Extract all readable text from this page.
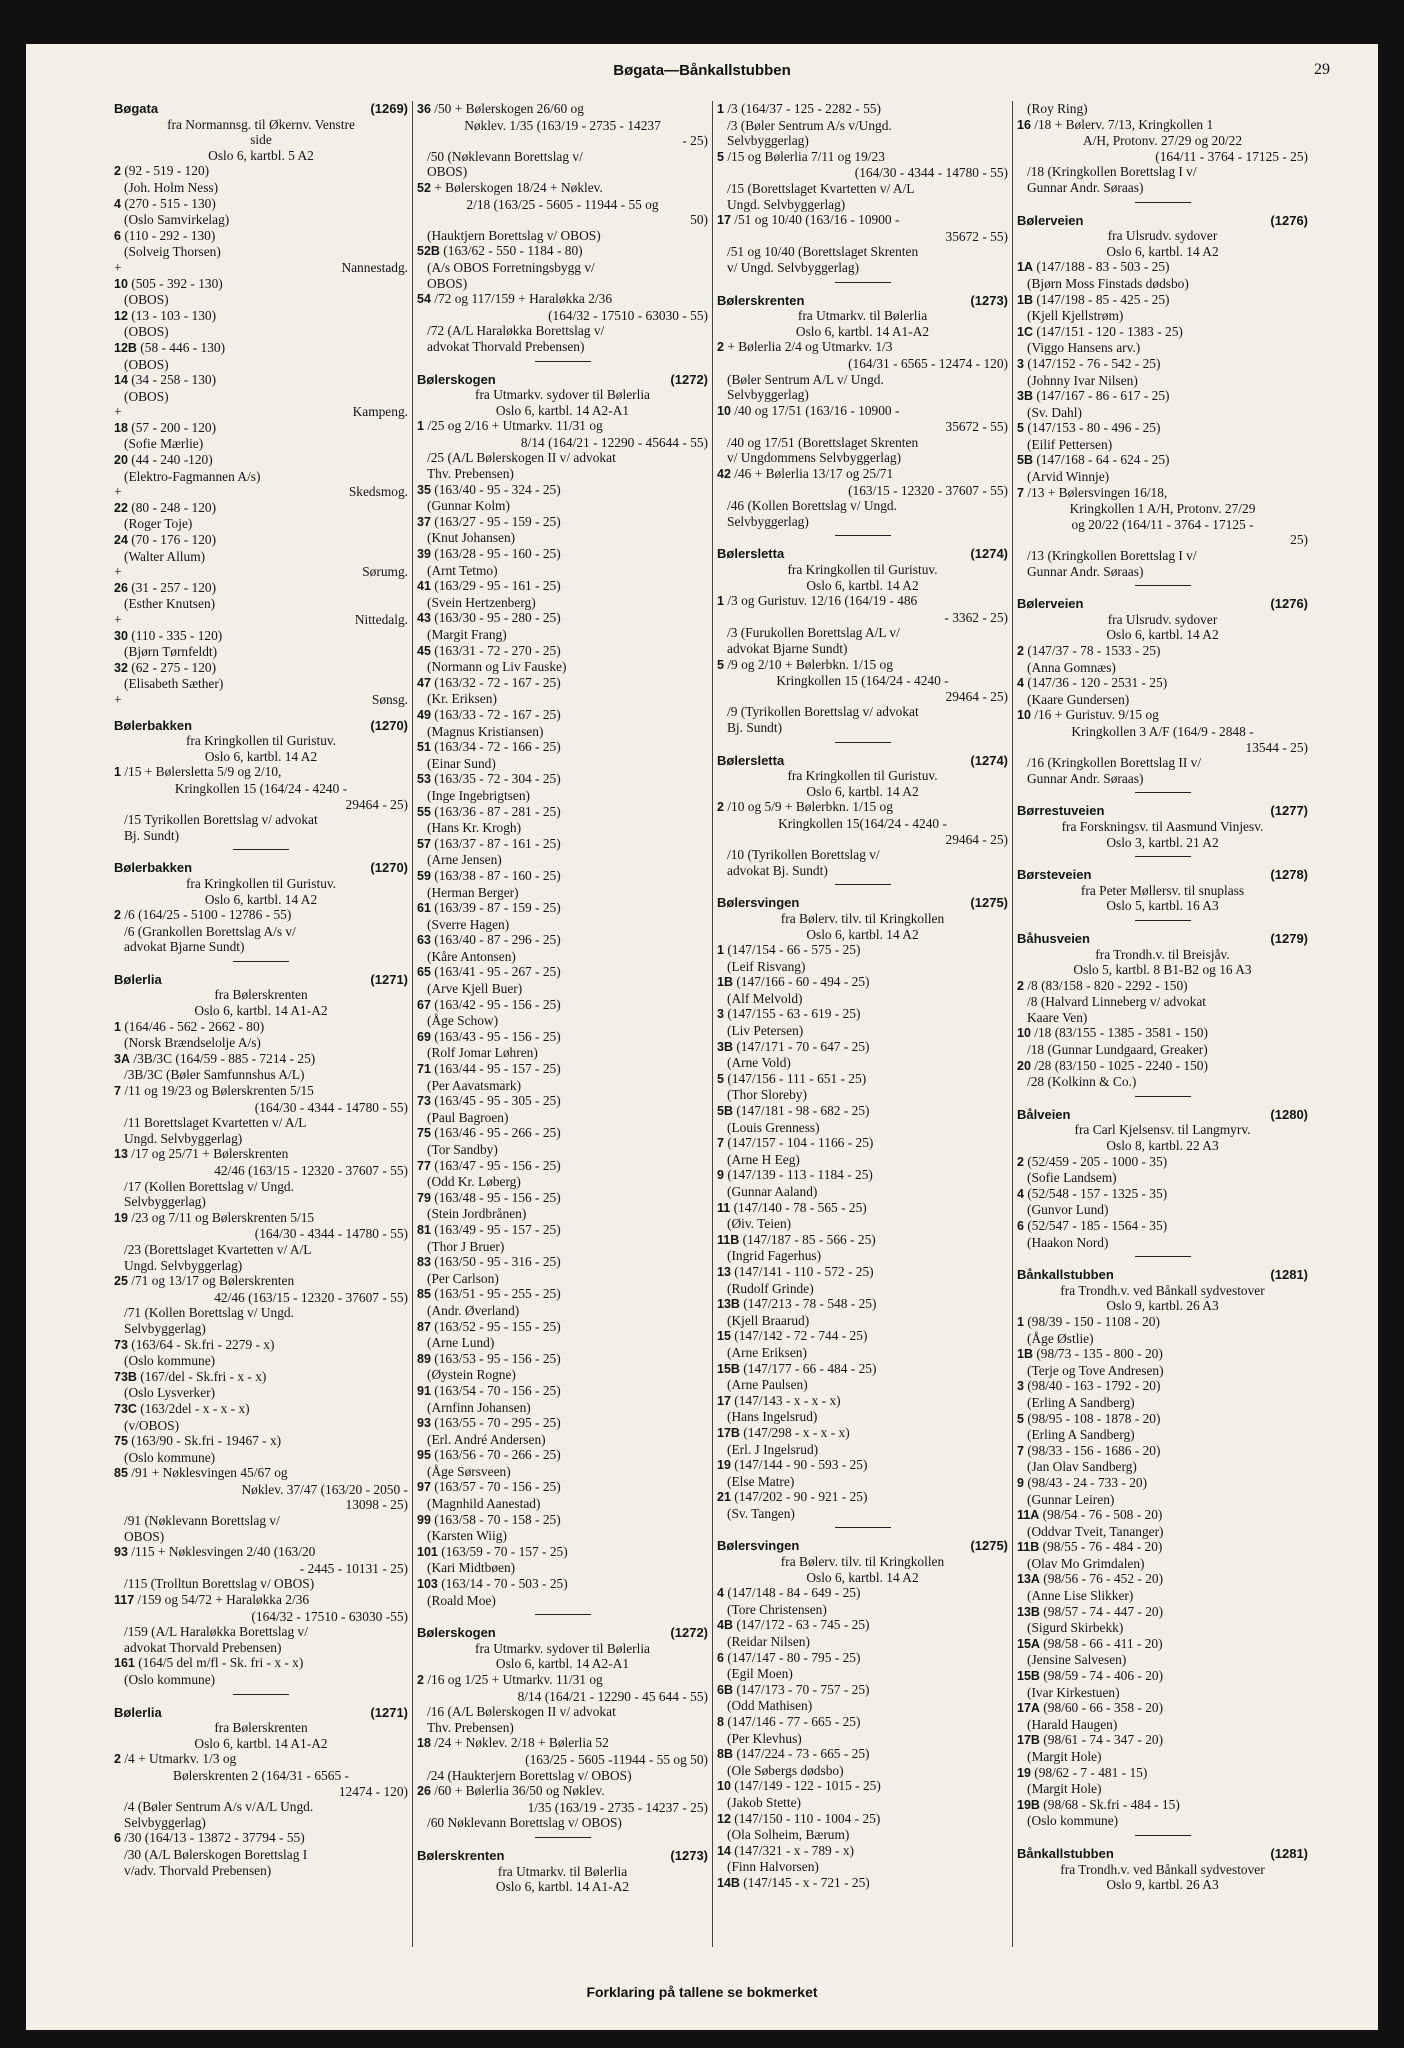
Bøgata—Bånkallstubben	29
Bøgata	(1269)
fra Normannsg. til Økernv. Venstre
side
Oslo 6, kartbl. 5 A2
2 (92 - 519 - 120)
(Joh. Holm Ness)
4 (270 - 515 - 130)
(Oslo Samvirkelag)
6 (110 - 292 - 130)
(Solveig Thorsen)
+	Nannestadg.
10 (505 - 392 - 130)
(OBOS)
12 (13 - 103 - 130)
(OBOS)
12B (58 - 446 - 130)
(OBOS)
14 (34 - 258 - 130)
(OBOS)
+	Kampeng.
18 (57 - 200 - 120)
(Sofie Mærlie)
20 (44 - 240 -120)
(Elektro-Fagmannen A/s)
+	Skedsmog.
22 (80 - 248 - 120)
(Roger Toje)
24 (70 - 176 - 120)
(Walter Allum)
+	Sørumg.
26 (31 - 257 - 120)
(Esther Knutsen)
+	Nittedalg.
30 (110 - 335 - 120)
(Bjørn Tørnfeldt)
32 (62 - 275 - 120)
(Elisabeth Sæther)
+	Sønsg.
Bølerbakken	(1270)
fra Kringkollen til Guristuv.
Oslo 6, kartbl. 14 A2
1 /15 + Bølersletta 5/9 og 2/10,
Kringkollen 15 (164/24 - 4240 -
29464 - 25)
/15 Tyrikollen Borettslag v/ advokat
Bj. Sundt)
Bølerbakken	(1270)
fra Kringkollen til Guristuv.
Oslo 6, kartbl. 14 A2
2 /6 (164/25 - 5100 - 12786 - 55)
/6 (Grankollen Borettslag A/s v/
advokat Bjarne Sundt)
Bølerlia	(1271)
fra Bølerskrenten
Oslo 6, kartbl. 14 A1-A2
1 (164/46 - 562 - 2662 - 80)
(Norsk Brændselolje A/s)
3A /3B/3C (164/59 - 885 - 7214 - 25)
/3B/3C (Bøler Samfunnshus A/L)
7 /11 og 19/23 og Bølerskrenten 5/15
(164/30 - 4344 - 14780 - 55)
/11 Borettslaget Kvartetten v/ A/L
Ungd. Selvbyggerlag)
13 /17 og 25/71 + Bølerskrenten
42/46 (163/15 - 12320 - 37607 - 55)
/17 (Kollen Borettslag v/ Ungd.
Selvbyggerlag)
19 /23 og 7/11 og Bølerskrenten 5/15
(164/30 - 4344 - 14780 - 55)
/23 (Borettslaget Kvartetten v/ A/L
Ungd. Selvbyggerlag)
25 /71 og 13/17 og Bølerskrenten
42/46 (163/15 - 12320 - 37607 - 55)
/71 (Kollen Borettslag v/ Ungd.
Selvbyggerlag)
73 (163/64 - Sk.fri - 2279 - x)
(Oslo kommune)
73B (167/del - Sk.fri - x - x)
(Oslo Lysverker)
73C (163/2del - x - x - x)
(v/OBOS)
75 (163/90 - Sk.fri - 19467 - x)
(Oslo kommune)
85 /91 + Nøklesvingen 45/67 og
Nøklev. 37/47 (163/20 - 2050 -
13098 - 25)
/91 (Nøklevann Borettslag v/
OBOS)
93 /115 + Nøklesvingen 2/40 (163/20
- 2445 - 10131 - 25)
/115 (Trolltun Borettslag v/ OBOS)
117 /159 og 54/72 + Haraløkka 2/36
(164/32 - 17510 - 63030 -55)
/159 (A/L Haraløkka Borettslag v/
advokat Thorvald Prebensen)
161 (164/5 del m/fl - Sk. fri - x - x)
(Oslo kommune)
Bølerlia	(1271)
fra Bølerskrenten
Oslo 6, kartbl. 14 A1-A2
2 /4 + Utmarkv. 1/3 og
Bølerskrenten 2 (164/31 - 6565 -
12474 - 120)
/4 (Bøler Sentrum A/s v/A/L Ungd.
Selvbyggerlag)
6 /30 (164/13 - 13872 - 37794 - 55)
/30 (A/L Bølerskogen Borettslag I
v/adv. Thorvald Prebensen)
36 /50 + Bølerskogen 26/60 og
Nøklev. 1/35 (163/19 - 2735 - 14237
- 25)
/50 (Nøklevann Borettslag v/
OBOS)
52 + Bølerskogen 18/24 + Nøklev.
2/18 (163/25 - 5605 - 11944 - 55 og
50)
(Hauktjern Borettslag v/ OBOS)
52B (163/62 - 550 - 1184 - 80)
(A/s OBOS Forretningsbygg v/
OBOS)
54 /72 og 117/159 + Haraløkka 2/36
(164/32 - 17510 - 63030 - 55)
/72 (A/L Haraløkka Borettslag v/
advokat Thorvald Prebensen)
Bølerskogen	(1272)
fra Utmarkv. sydover til Bølerlia
Oslo 6, kartbl. 14 A2-A1
1 /25 og 2/16 + Utmarkv. 11/31 og
8/14 (164/21 - 12290 - 45644 - 55)
/25 (A/L Bølerskogen II v/ advokat
Thv. Prebensen)
35 (163/40 - 95 - 324 - 25)
(Gunnar Kolm)
37 (163/27 - 95 - 159 - 25)
(Knut Johansen)
39 (163/28 - 95 - 160 - 25)
(Arnt Tetmo)
41 (163/29 - 95 - 161 - 25)
(Svein Hertzenberg)
43 (163/30 - 95 - 280 - 25)
(Margit Frang)
45 (163/31 - 72 - 270 - 25)
(Normann og Liv Fauske)
47 (163/32 - 72 - 167 - 25)
(Kr. Eriksen)
49 (163/33 - 72 - 167 - 25)
(Magnus Kristiansen)
51 (163/34 - 72 - 166 - 25)
(Einar Sund)
53 (163/35 - 72 - 304 - 25)
(Inge Ingebrigtsen)
55 (163/36 - 87 - 281 - 25)
(Hans Kr. Krogh)
57 (163/37 - 87 - 161 - 25)
(Arne Jensen)
59 (163/38 - 87 - 160 - 25)
(Herman Berger)
61 (163/39 - 87 - 159 - 25)
(Sverre Hagen)
63 (163/40 - 87 - 296 - 25)
(Kåre Antonsen)
65 (163/41 - 95 - 267 - 25)
(Arve Kjell Buer)
67 (163/42 - 95 - 156 - 25)
(Åge Schow)
69 (163/43 - 95 - 156 - 25)
(Rolf Jomar Løhren)
71 (163/44 - 95 - 157 - 25)
(Per Aavatsmark)
73 (163/45 - 95 - 305 - 25)
(Paul Bagroen)
75 (163/46 - 95 - 266 - 25)
(Tor Sandby)
77 (163/47 - 95 - 156 - 25)
(Odd Kr. Løberg)
79 (163/48 - 95 - 156 - 25)
(Stein Jordbrånen)
81 (163/49 - 95 - 157 - 25)
(Thor J Bruer)
83 (163/50 - 95 - 316 - 25)
(Per Carlson)
85 (163/51 - 95 - 255 - 25)
(Andr. Øverland)
87 (163/52 - 95 - 155 - 25)
(Arne Lund)
89 (163/53 - 95 - 156 - 25)
(Øystein Rogne)
91 (163/54 - 70 - 156 - 25)
(Arnfinn Johansen)
93 (163/55 - 70 - 295 - 25)
(Erl. André Andersen)
95 (163/56 - 70 - 266 - 25)
(Åge Sørsveen)
97 (163/57 - 70 - 156 - 25)
(Magnhild Aanestad)
99 (163/58 - 70 - 158 - 25)
(Karsten Wiig)
101 (163/59 - 70 - 157 - 25)
(Kari Midtbøen)
103 (163/14 - 70 - 503 - 25)
(Roald Moe)
Bølerskogen	(1272)
fra Utmarkv. sydover til Bølerlia
Oslo 6, kartbl. 14 A2-A1
2 /16 og 1/25 + Utmarkv. 11/31 og
8/14 (164/21 - 12290 - 45 644 - 55)
/16 (A/L Bølerskogen II v/ advokat
Thv. Prebensen)
18 /24 + Nøklev. 2/18 + Bølerlia 52
(163/25 - 5605 -11944 - 55 og 50)
/24 (Haukterjern Borettslag v/ OBOS)
26 /60 + Bølerlia 36/50 og Nøklev.
1/35 (163/19 - 2735 - 14237 - 25)
/60 Nøklevann Borettslag v/ OBOS)
Bølerskrenten	(1273)
fra Utmarkv. til Bølerlia
Oslo 6, kartbl. 14 A1-A2
1 /3 (164/37 - 125 - 2282 - 55)
/3 (Bøler Sentrum A/s v/Ungd.
Selvbyggerlag)
5 /15 og Bølerlia 7/11 og 19/23
(164/30 - 4344 - 14780 - 55)
/15 (Borettslaget Kvartetten v/ A/L
Ungd. Selvbyggerlag)
17 /51 og 10/40 (163/16 - 10900 -
35672 - 55)
/51 og 10/40 (Borettslaget Skrenten
v/ Ungd. Selvbyggerlag)
Bølerskrenten	(1273)
fra Utmarkv. til Bølerlia
Oslo 6, kartbl. 14 A1-A2
2 + Bølerlia 2/4 og Utmarkv. 1/3
(164/31 - 6565 - 12474 - 120)
(Bøler Sentrum A/L v/ Ungd.
Selvbyggerlag)
10 /40 og 17/51 (163/16 - 10900 -
35672 - 55)
/40 og 17/51 (Borettslaget Skrenten
v/ Ungdommens Selvbyggerlag)
42 /46 + Bølerlia 13/17 og 25/71
(163/15 - 12320 - 37607 - 55)
/46 (Kollen Borettslag v/ Ungd.
Selvbyggerlag)
Bølersletta	(1274)
fra Kringkollen til Guristuv.
Oslo 6, kartbl. 14 A2
1 /3 og Guristuv. 12/16 (164/19 - 486
- 3362 - 25)
/3 (Furukollen Borettslag A/L v/
advokat Bjarne Sundt)
5 /9 og 2/10 + Bølerbkn. 1/15 og
Kringkollen 15 (164/24 - 4240 -
29464 - 25)
/9 (Tyrikollen Borettslag v/ advokat
Bj. Sundt)
Bølersletta	(1274)
fra Kringkollen til Guristuv.
Oslo 6, kartbl. 14 A2
2 /10 og 5/9 + Bølerbkn. 1/15 og
Kringkollen 15(164/24 - 4240 -
29464 - 25)
/10 (Tyrikollen Borettslag v/
advokat Bj. Sundt)
Bølersvingen	(1275)
fra Bølerv. tilv. til Kringkollen
Oslo 6, kartbl. 14 A2
1 (147/154 - 66 - 575 - 25)
(Leif Risvang)
1B (147/166 - 60 - 494 - 25)
(Alf Melvold)
3 (147/155 - 63 - 619 - 25)
(Liv Petersen)
3B (147/171 - 70 - 647 - 25)
(Arne Vold)
5 (147/156 - 111 - 651 - 25)
(Thor Sloreby)
5B (147/181 - 98 - 682 - 25)
(Louis Grenness)
7 (147/157 - 104 - 1166 - 25)
(Arne H Eeg)
9 (147/139 - 113 - 1184 - 25)
(Gunnar Aaland)
11 (147/140 - 78 - 565 - 25)
(Øiv. Teien)
11B (147/187 - 85 - 566 - 25)
(Ingrid Fagerhus)
13 (147/141 - 110 - 572 - 25)
(Rudolf Grinde)
13B (147/213 - 78 - 548 - 25)
(Kjell Braarud)
15 (147/142 - 72 - 744 - 25)
(Arne Eriksen)
15B (147/177 - 66 - 484 - 25)
(Arne Paulsen)
17 (147/143 - x - x - x)
(Hans Ingelsrud)
17B (147/298 - x - x - x)
(Erl. J Ingelsrud)
19 (147/144 - 90 - 593 - 25)
(Else Matre)
21 (147/202 - 90 - 921 - 25)
(Sv. Tangen)
Bølersvingen	(1275)
fra Bølerv. tilv. til Kringkollen
Oslo 6, kartbl. 14 A2
4 (147/148 - 84 - 649 - 25)
(Tore Christensen)
4B (147/172 - 63 - 745 - 25)
(Reidar Nilsen)
6 (147/147 - 80 - 795 - 25)
(Egil Moen)
6B (147/173 - 70 - 757 - 25)
(Odd Mathisen)
8 (147/146 - 77 - 665 - 25)
(Per Klevhus)
8B (147/224 - 73 - 665 - 25)
(Ole Søbergs dødsbo)
10 (147/149 - 122 - 1015 - 25)
(Jakob Stette)
12 (147/150 - 110 - 1004 - 25)
(Ola Solheim, Bærum)
14 (147/321 - x - 789 - x)
(Finn Halvorsen)
14B (147/145 - x - 721 - 25)
(Roy Ring)
16 /18 + Bølerv. 7/13, Kringkollen 1
A/H, Protonv. 27/29 og 20/22
(164/11 - 3764 - 17125 - 25)
/18 (Kringkollen Borettslag I v/
Gunnar Andr. Søraas)
Bølerveien	(1276)
fra Ulsrudv. sydover
Oslo 6, kartbl. 14 A2
1A (147/188 - 83 - 503 - 25)
(Bjørn Moss Finstads dødsbo)
1B (147/198 - 85 - 425 - 25)
(Kjell Kjellstrøm)
1C (147/151 - 120 - 1383 - 25)
(Viggo Hansens arv.)
3 (147/152 - 76 - 542 - 25)
(Johnny Ivar Nilsen)
3B (147/167 - 86 - 617 - 25)
(Sv. Dahl)
5 (147/153 - 80 - 496 - 25)
(Eilif Pettersen)
5B (147/168 - 64 - 624 - 25)
(Arvid Winnje)
7 /13 + Bølersvingen 16/18,
Kringkollen 1 A/H, Protonv. 27/29
og 20/22 (164/11 - 3764 - 17125 -
25)
/13 (Kringkollen Borettslag I v/
Gunnar Andr. Søraas)
Bølerveien	(1276)
fra Ulsrudv. sydover
Oslo 6, kartbl. 14 A2
2 (147/37 - 78 - 1533 - 25)
(Anna Gomnæs)
4 (147/36 - 120 - 2531 - 25)
(Kaare Gundersen)
10 /16 + Guristuv. 9/15 og
Kringkollen 3 A/F (164/9 - 2848 -
13544 - 25)
/16 (Kringkollen Borettslag II v/
Gunnar Andr. Søraas)
Børrestuveien	(1277)
fra Forskningsv. til Aasmund Vinjesv.
Oslo 3, kartbl. 21 A2
Børsteveien	(1278)
fra Peter Møllersv. til snuplass
Oslo 5, kartbl. 16 A3
Båhusveien	(1279)
fra Trondh.v. til Breisjåv.
Oslo 5, kartbl. 8 B1-B2 og 16 A3
2 /8 (83/158 - 820 - 2292 - 150)
/8 (Halvard Linneberg v/ advokat
Kaare Ven)
10 /18 (83/155 - 1385 - 3581 - 150)
/18 (Gunnar Lundgaard, Greaker)
20 /28 (83/150 - 1025 - 2240 - 150)
/28 (Kolkinn & Co.)
Bålveien	(1280)
fra Carl Kjelsensv. til Langmyrv.
Oslo 8, kartbl. 22 A3
2 (52/459 - 205 - 1000 - 35)
(Sofie Landsem)
4 (52/548 - 157 - 1325 - 35)
(Gunvor Lund)
6 (52/547 - 185 - 1564 - 35)
(Haakon Nord)
Bånkallstubben	(1281)
fra Trondh.v. ved Bånkall sydvestover
Oslo 9, kartbl. 26 A3
1 (98/39 - 150 - 1108 - 20)
(Åge Østlie)
1B (98/73 - 135 - 800 - 20)
(Terje og Tove Andresen)
3 (98/40 - 163 - 1792 - 20)
(Erling A Sandberg)
5 (98/95 - 108 - 1878 - 20)
(Erling A Sandberg)
7 (98/33 - 156 - 1686 - 20)
(Jan Olav Sandberg)
9 (98/43 - 24 - 733 - 20)
(Gunnar Leiren)
11A (98/54 - 76 - 508 - 20)
(Oddvar Tveit, Tananger)
11B (98/55 - 76 - 484 - 20)
(Olav Mo Grimdalen)
13A (98/56 - 76 - 452 - 20)
(Anne Lise Slikker)
13B (98/57 - 74 - 447 - 20)
(Sigurd Skirbekk)
15A (98/58 - 66 - 411 - 20)
(Jensine Salvesen)
15B (98/59 - 74 - 406 - 20)
(Ivar Kirkestuen)
17A (98/60 - 66 - 358 - 20)
(Harald Haugen)
17B (98/61 - 74 - 347 - 20)
(Margit Hole)
19 (98/62 - 7 - 481 - 15)
(Margit Hole)
19B (98/68 - Sk.fri - 484 - 15)
(Oslo kommune)
Bånkallstubben	(1281)
fra Trondh.v. ved Bånkall sydvestover
Oslo 9, kartbl. 26 A3
Forklaring på tallene se bokmerket
